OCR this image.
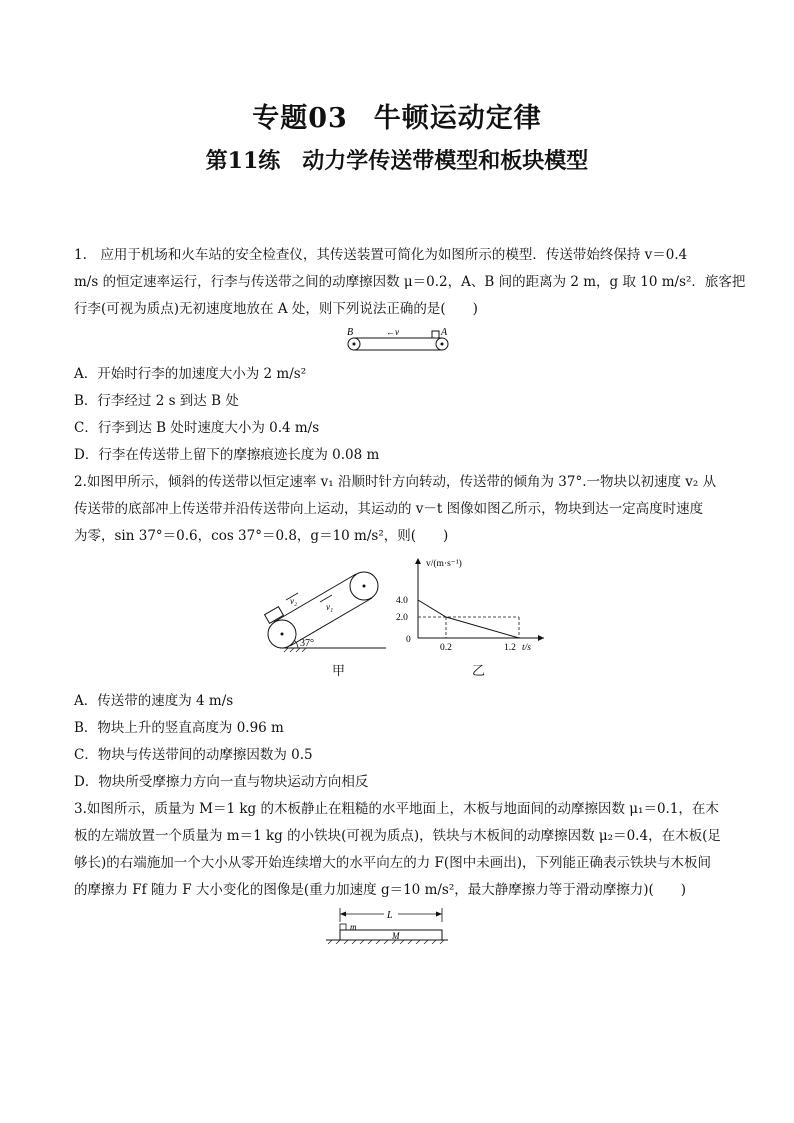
专题03 牛顿运动定律
第11练 动力学传送带模型和板块模型
1.　应用于机场和火车站的安全检查仪，其传送装置可简化为如图所示的模型．传送带始终保持 v＝0.4
m/s 的恒定速率运行，行李与传送带之间的动摩擦因数 μ＝0.2，A、B 间的距离为 2 m，g 取 10 m/s²．旅客把
行李(可视为质点)无初速度地放在 A 处，则下列说法正确的是(　　)
B	A
←v
A．开始时行李的加速度大小为 2 m/s²
B．行李经过 2 s 到达 B 处
C．行李到达 B 处时速度大小为 0.4 m/s
D．行李在传送带上留下的摩擦痕迹长度为 0.08 m
2.如图甲所示，倾斜的传送带以恒定速率 v₁ 沿顺时针方向转动，传送带的倾角为 37°.一物块以初速度 v₂ 从
传送带的底部冲上传送带并沿传送带向上运动，其运动的 v－t 图像如图乙所示，物块到达一定高度时速度
为零，sin 37°＝0.6，cos 37°＝0.8，g＝10 m/s²，则(　　)
v₂
v₁
37°
甲
v/(m·s⁻¹)
4.0
2.0
0
0.2	1.2 t/s
乙
A．传送带的速度为 4 m/s
B．物块上升的竖直高度为 0.96 m
C．物块与传送带间的动摩擦因数为 0.5
D．物块所受摩擦力方向一直与物块运动方向相反
3.如图所示，质量为 M＝1 kg 的木板静止在粗糙的水平地面上，木板与地面间的动摩擦因数 μ₁＝0.1，在木
板的左端放置一个质量为 m＝1 kg 的小铁块(可视为质点)，铁块与木板间的动摩擦因数 μ₂＝0.4，在木板(足
够长)的右端施加一个大小从零开始连续增大的水平向左的力 F(图中未画出)，下列能正确表示铁块与木板间
的摩擦力 Ff 随力 F 大小变化的图像是(重力加速度 g＝10 m/s²，最大静摩擦力等于滑动摩擦力)(　　)
L
m
M
